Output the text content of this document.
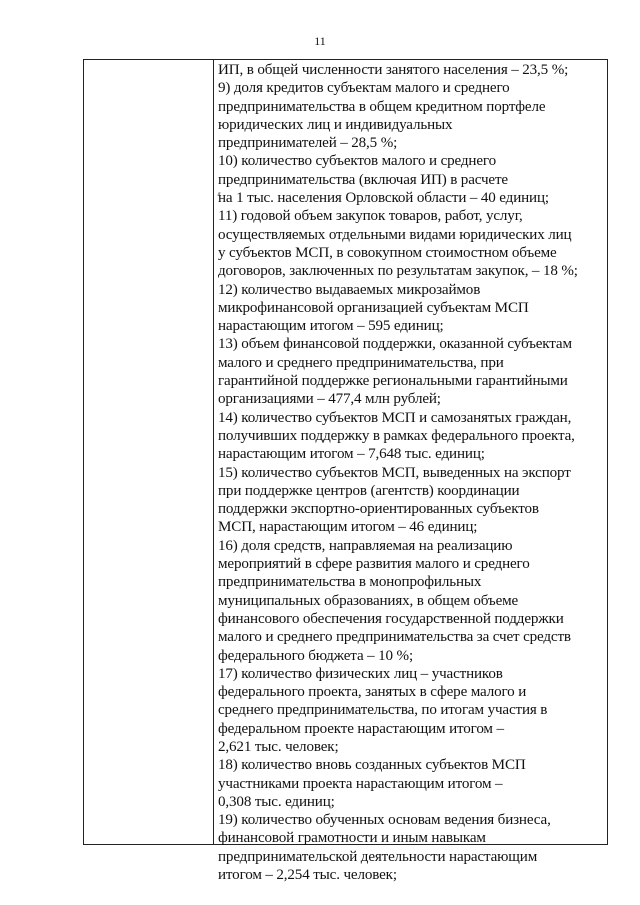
11
ИП, в общей численности занятого населения – 23,5 %;
9) доля кредитов субъектам малого и среднего
предпринимательства в общем кредитном портфеле
юридических лиц и индивидуальных
предпринимателей – 28,5 %;
10) количество субъектов малого и среднего
предпринимательства (включая ИП) в расчете
на 1 тыс. населения Орловской области – 40 единиц;
11) годовой объем закупок товаров, работ, услуг,
осуществляемых отдельными видами юридических лиц
у субъектов МСП, в совокупном стоимостном объеме
договоров, заключенных по результатам закупок, – 18 %;
12) количество выдаваемых микрозаймов
микрофинансовой организацией субъектам МСП
нарастающим итогом – 595 единиц;
13) объем финансовой поддержки, оказанной субъектам
малого и среднего предпринимательства, при
гарантийной поддержке региональными гарантийными
организациями – 477,4 млн рублей;
14) количество субъектов МСП и самозанятых граждан,
получивших поддержку в рамках федерального проекта,
нарастающим итогом – 7,648 тыс. единиц;
15) количество субъектов МСП, выведенных на экспорт
при поддержке центров (агентств) координации
поддержки экспортно-ориентированных субъектов
МСП, нарастающим итогом – 46 единиц;
16) доля средств, направляемая на реализацию
мероприятий в сфере развития малого и среднего
предпринимательства в монопрофильных
муниципальных образованиях, в общем объеме
финансового обеспечения государственной поддержки
малого и среднего предпринимательства за счет средств
федерального бюджета – 10 %;
17) количество физических лиц – участников
федерального проекта, занятых в сфере малого и
среднего предпринимательства, по итогам участия в
федеральном проекте нарастающим итогом –
2,621 тыс. человек;
18) количество вновь созданных субъектов МСП
участниками проекта нарастающим итогом –
0,308 тыс. единиц;
19) количество обученных основам ведения бизнеса,
финансовой грамотности и иным навыкам
предпринимательской деятельности нарастающим
итогом – 2,254 тыс. человек;
